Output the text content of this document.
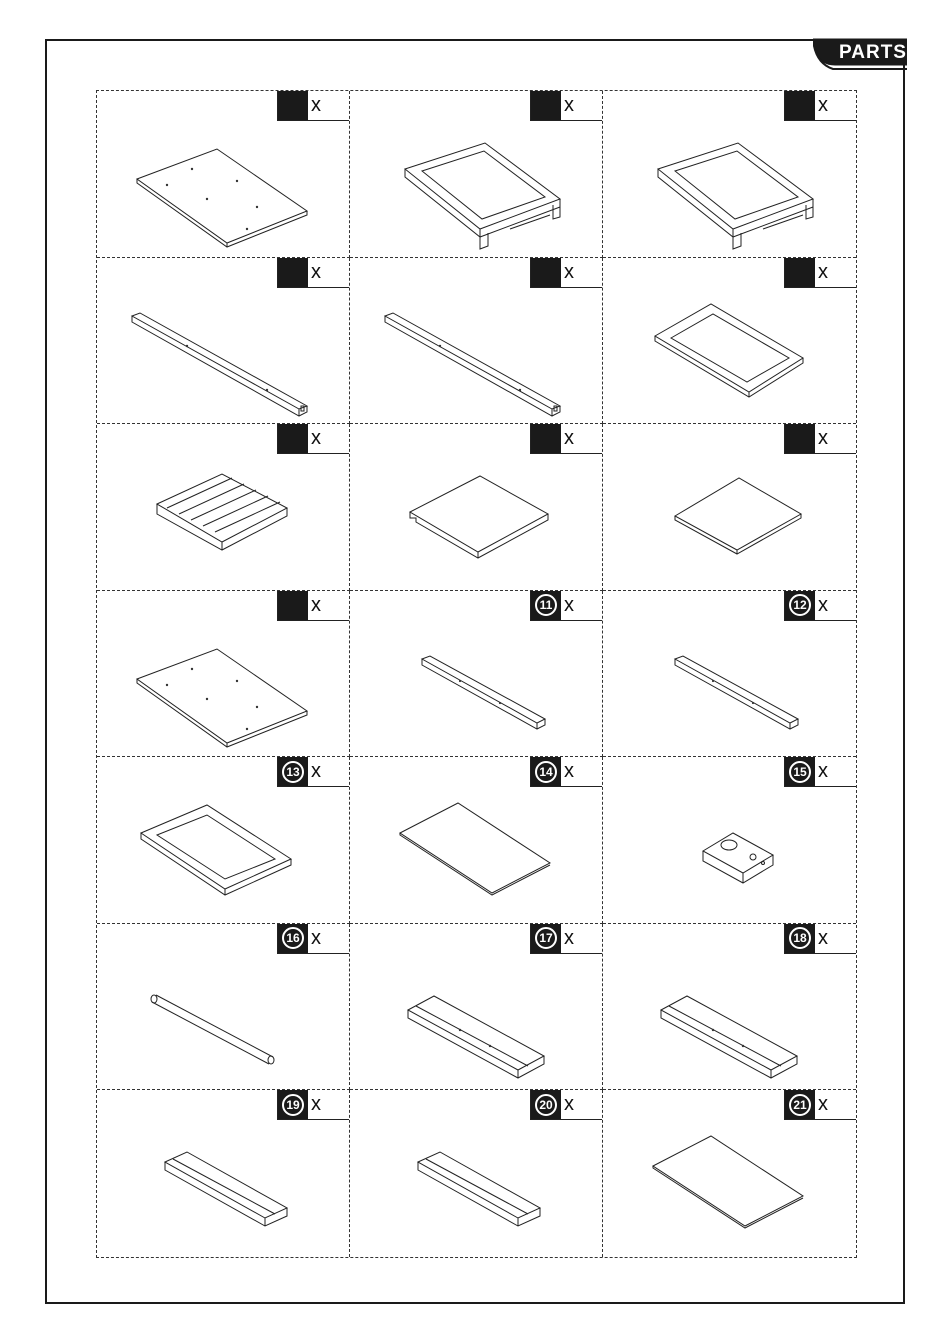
PARTS
x	x	x
x	x	x
x	x	x
x	11 x	12 x
13 x	14 x	15 x
16 x	17 x	18 x
19 x	20 x	21 x
